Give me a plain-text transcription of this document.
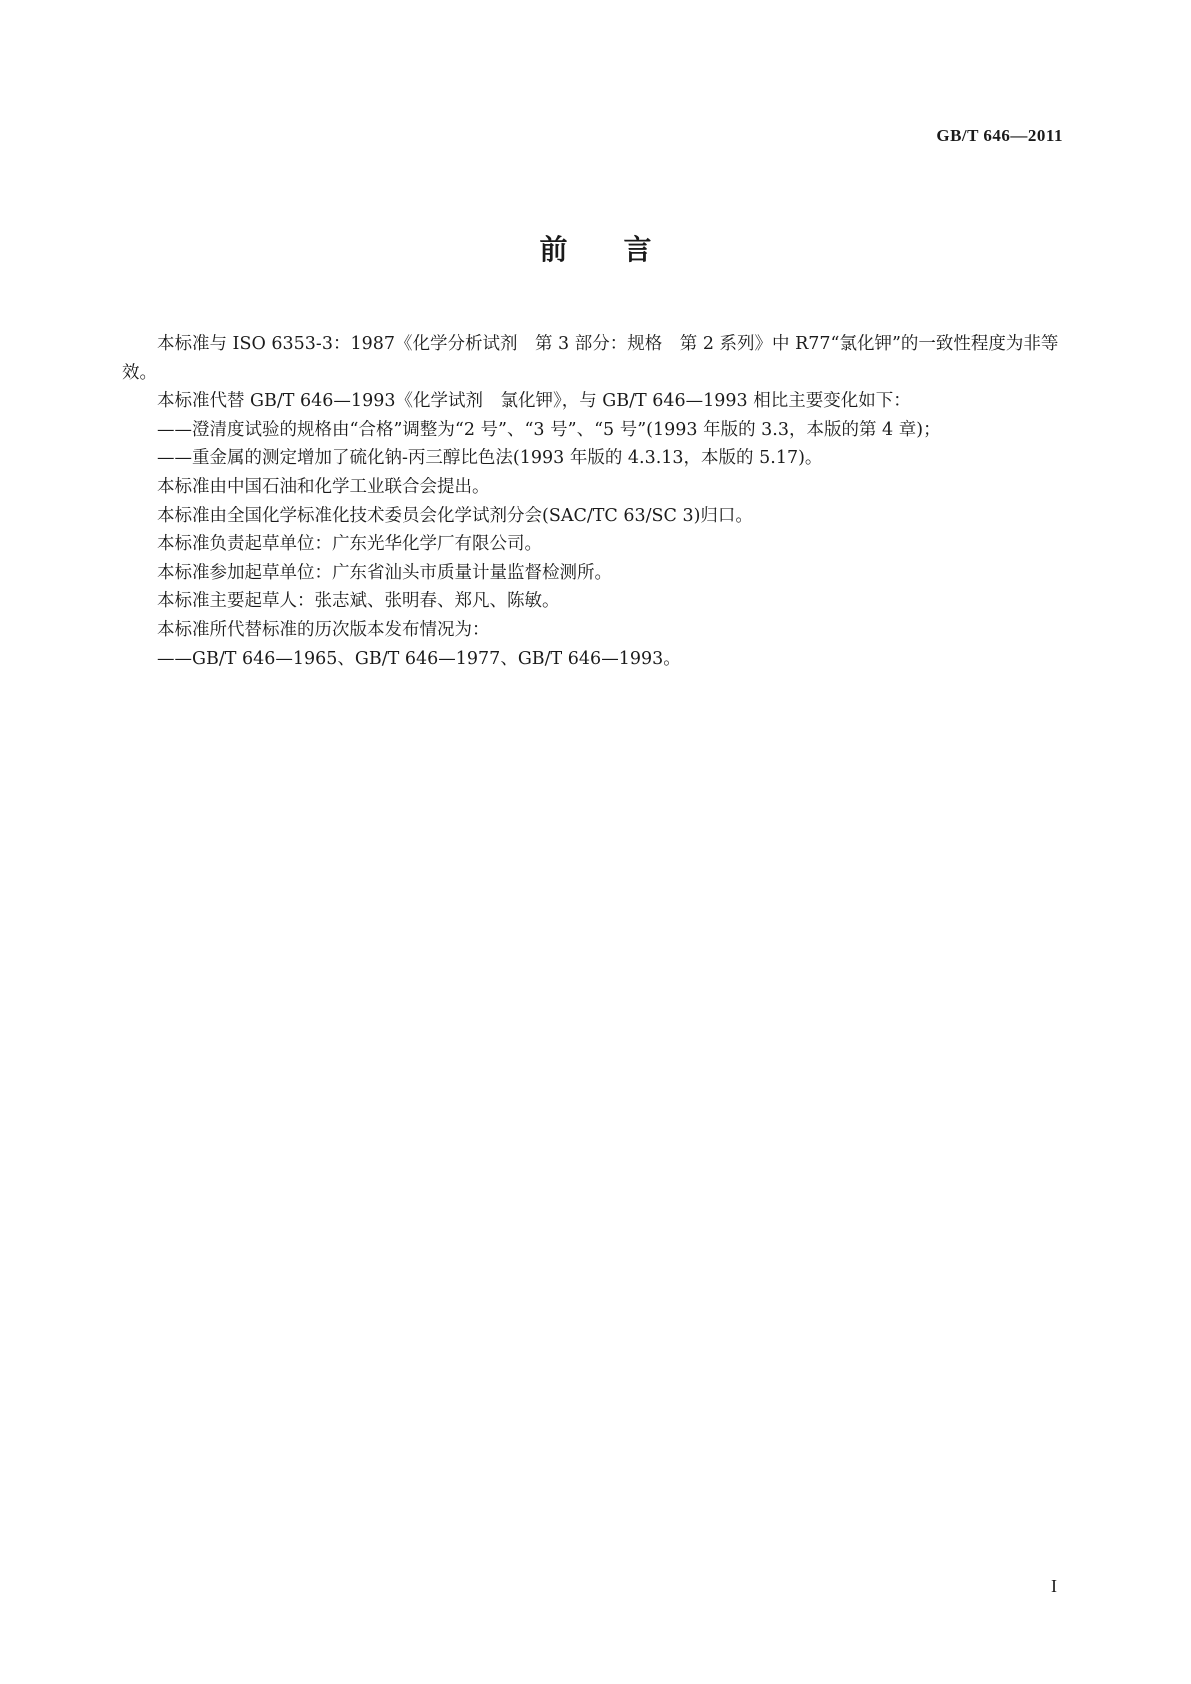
GB/T 646—2011
前言

本标准与 ISO 6353-3：1987《化学分析试剂　第 3 部分：规格　第 2 系列》中 R77“氯化钾”的一致性程度为非等效。

本标准代替 GB/T 646—1993《化学试剂　氯化钾》，与 GB/T 646—1993 相比主要变化如下：

——澄清度试验的规格由“合格”调整为“2 号”、“3 号”、“5 号”(1993 年版的 3.3，本版的第 4 章)；

——重金属的测定增加了硫化钠-丙三醇比色法(1993 年版的 4.3.13，本版的 5.17)。

本标准由中国石油和化学工业联合会提出。

本标准由全国化学标准化技术委员会化学试剂分会(SAC/TC 63/SC 3)归口。

本标准负责起草单位：广东光华化学厂有限公司。

本标准参加起草单位：广东省汕头市质量计量监督检测所。

本标准主要起草人：张志斌、张明春、郑凡、陈敏。

本标准所代替标准的历次版本发布情况为：

——GB/T 646—1965、GB/T 646—1977、GB/T 646—1993。

I
